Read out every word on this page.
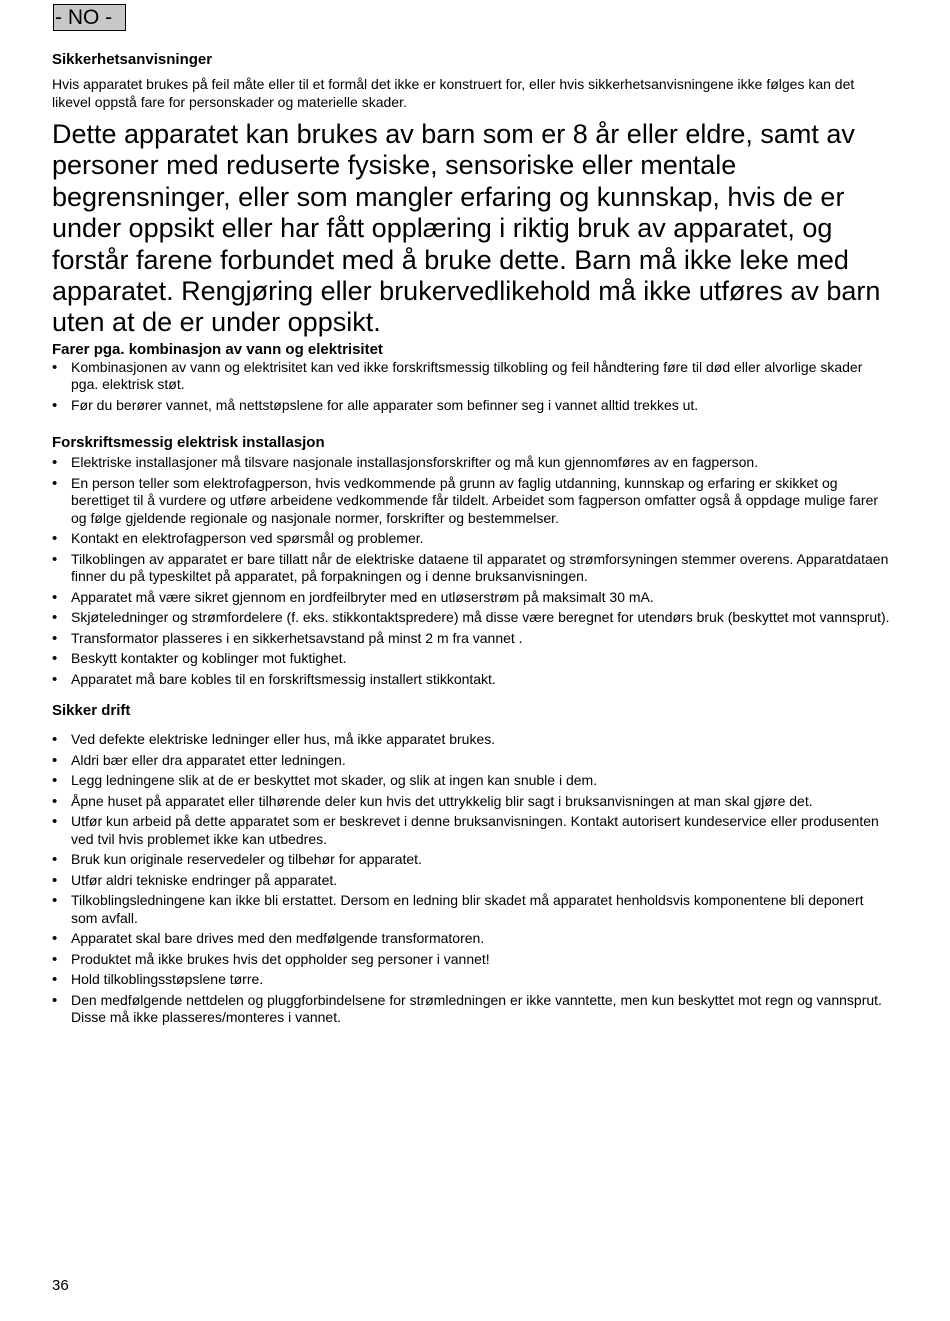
- NO -
Sikkerhetsanvisninger

Hvis apparatet brukes på feil måte eller til et formål det ikke er konstruert for, eller hvis sikkerhetsanvisningene ikke følges kan det likevel oppstå fare for personskader og materielle skader.

Dette apparatet kan brukes av barn som er 8 år eller eldre, samt av personer med reduserte fysiske, sensoriske eller mentale begrensninger, eller som mangler erfaring og kunnskap, hvis de er under oppsikt eller har fått opplæring i riktig bruk av apparatet, og forstår farene forbundet med å bruke dette. Barn må ikke leke med apparatet. Rengjøring eller brukervedlikehold må ikke utføres av barn uten at de er under oppsikt.

Farer pga. kombinasjon av vann og elektrisitet
• Kombinasjonen av vann og elektrisitet kan ved ikke forskriftsmessig tilkobling og feil håndtering føre til død eller alvorlige skader pga. elektrisk støt.
• Før du berører vannet, må nettstøpslene for alle apparater som befinner seg i vannet alltid trekkes ut.
Forskriftsmessig elektrisk installasjon
• Elektriske installasjoner må tilsvare nasjonale installasjonsforskrifter og må kun gjennomføres av en fagperson.
• En person teller som elektrofagperson, hvis vedkommende på grunn av faglig utdanning, kunnskap og erfaring er skikket og berettiget til å vurdere og utføre arbeidene vedkommende får tildelt. Arbeidet som fagperson omfatter også å oppdage mulige farer og følge gjeldende regionale og nasjonale normer, forskrifter og bestemmelser.
• Kontakt en elektrofagperson ved spørsmål og problemer.
• Tilkoblingen av apparatet er bare tillatt når de elektriske dataene til apparatet og strømforsyningen stemmer overens. Apparatdataen finner du på typeskiltet på apparatet, på forpakningen og i denne bruksanvisningen.
• Apparatet må være sikret gjennom en jordfeilbryter med en utløserstrøm på maksimalt 30 mA.
• Skjøteledninger og strømfordelere (f. eks. stikkontaktspredere) må disse være beregnet for utendørs bruk (beskyttet mot vannsprut).
• Transformator plasseres i en sikkerhetsavstand på minst 2 m fra vannet .
• Beskytt kontakter og koblinger mot fuktighet.
• Apparatet må bare kobles til en forskriftsmessig installert stikkontakt.
Sikker drift
• Ved defekte elektriske ledninger eller hus, må ikke apparatet brukes.
• Aldri bær eller dra apparatet etter ledningen.
• Legg ledningene slik at de er beskyttet mot skader, og slik at ingen kan snuble i dem.
• Åpne huset på apparatet eller tilhørende deler kun hvis det uttrykkelig blir sagt i bruksanvisningen at man skal gjøre det.
• Utfør kun arbeid på dette apparatet som er beskrevet i denne bruksanvisningen. Kontakt autorisert kundeservice eller produsenten ved tvil hvis problemet ikke kan utbedres.
• Bruk kun originale reservedeler og tilbehør for apparatet.
• Utfør aldri tekniske endringer på apparatet.
• Tilkoblingsledningene kan ikke bli erstattet. Dersom en ledning blir skadet må apparatet henholdsvis komponentene bli deponert som avfall.
• Apparatet skal bare drives med den medfølgende transformatoren.
• Produktet må ikke brukes hvis det oppholder seg personer i vannet!
• Hold tilkoblingsstøpslene tørre.
• Den medfølgende nettdelen og pluggforbindelsene for strømledningen er ikke vanntette, men kun beskyttet mot regn og vannsprut. Disse må ikke plasseres/monteres i vannet.
36
